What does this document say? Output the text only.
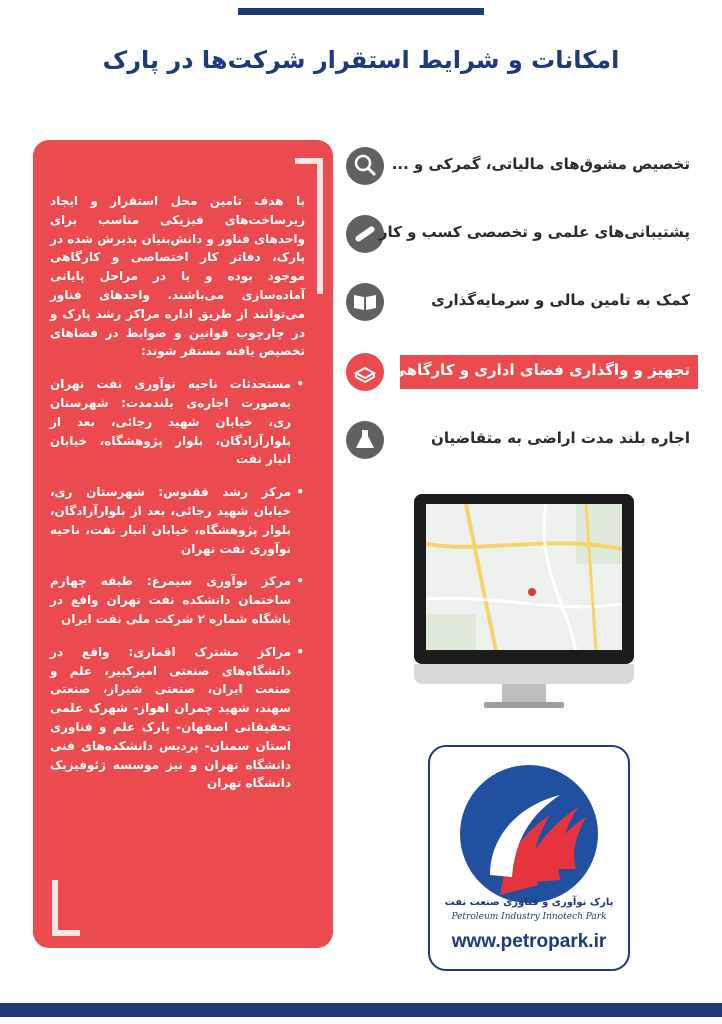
امکانات و شرایط استقرار شرکت‌ها در پارک

با هدف تامین محل استقرار و ایجاد زیرساخت‌های فیزیکی مناسب برای واحدهای فناور و دانش‌بنیان پذیرش شده در پارک، دفاتر کار اختصاصی و کارگاهی موجود بوده و یا در مراحل پایانی آماده‌سازی می‌باشند. واحدهای فناور می‌توانند از طریق اداره مراکز رشد پارک و در چارچوب قوانین و ضوابط در فضاهای تخصیص یافته مستقر شوند:

• مستحدثات ناحیه نوآوری نفت تهران به‌صورت اجاره‌ی بلندمدت: شهرستان ری، خیابان شهید رجائی، بعد از بلوارآزادگان، بلوار پژوهشگاه، خیابان انبار نفت
• مرکز رشد ققنوس: شهرستان ری، خیابان شهید رجائی، بعد از بلوارآزادگان، بلوار پژوهشگاه، خیابان انبار نفت، ناحیه نوآوری نفت تهران
• مرکز نوآوری سیمرغ: طبقه چهارم ساختمان دانشکده نفت تهران واقع در باشگاه شماره ۲ شرکت ملی نفت ایران
• مراکز مشترک اقماری: واقع در دانشگاه‌های صنعتی امیرکبیر، علم و صنعت ایران، صنعتی شیراز، صنعتی سهند، شهید چمران اهواز- شهرک علمی تحقیقاتی اصفهان- پارک علم و فناوری استان سمنان- پردیس دانشکده‌های فنی دانشگاه تهران و نیز موسسه ژئوفیزیک دانشگاه تهران
تخصیص مشوق‌های مالیاتی، گمرکی و ...
پشتیبانی‌های علمی و تخصصی کسب و کار
کمک به تامین مالی و سرمایه‌گذاری
تجهیز و واگذاری فضای اداری و کارگاهی
اجاره بلند مدت اراضی به متقاضیان
پارک نوآوری و فناوری صنعت نفت
Petroleum Industry Innotech Park
www.petropark.ir
